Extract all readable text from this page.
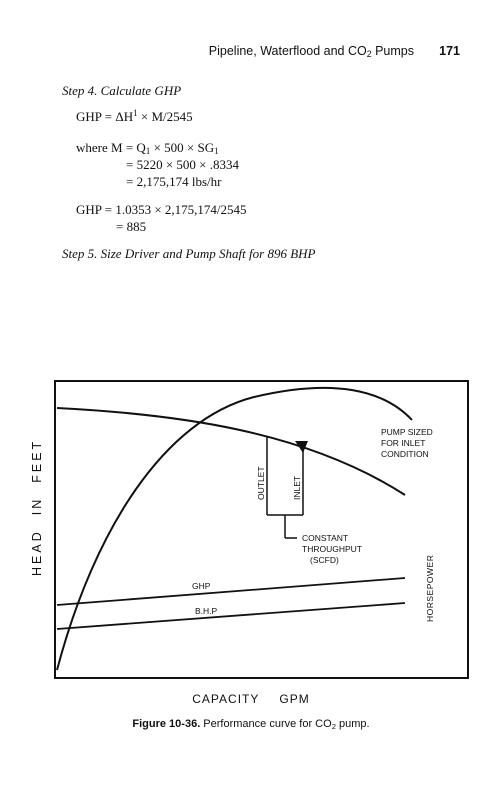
Pipeline, Waterflood and $CO_2$ Pumps 171
Step 4. Calculate GHP
GHP = $\Delta H^1 \times M/2545$
where $M = Q_1 \times 500 \times SG_1$
= 5220 × 500 × .8334
= 2,175,174 lbs/hr
GHP = 1.0353 × 2,175,174/2545
= 885
Step 5. Size Driver and Pump Shaft for 896 BHP
PUMP SIZED
FOR INLET
CONDITION
OUTLET	INLET
CONSTANT
THROUGHPUT
(SCFD)
GHP
B.H.P	HORSEPOWER
HEADINFEET
CAPACITY GPM
Figure 10-36. Performance curve for $CO_2$ pump.
